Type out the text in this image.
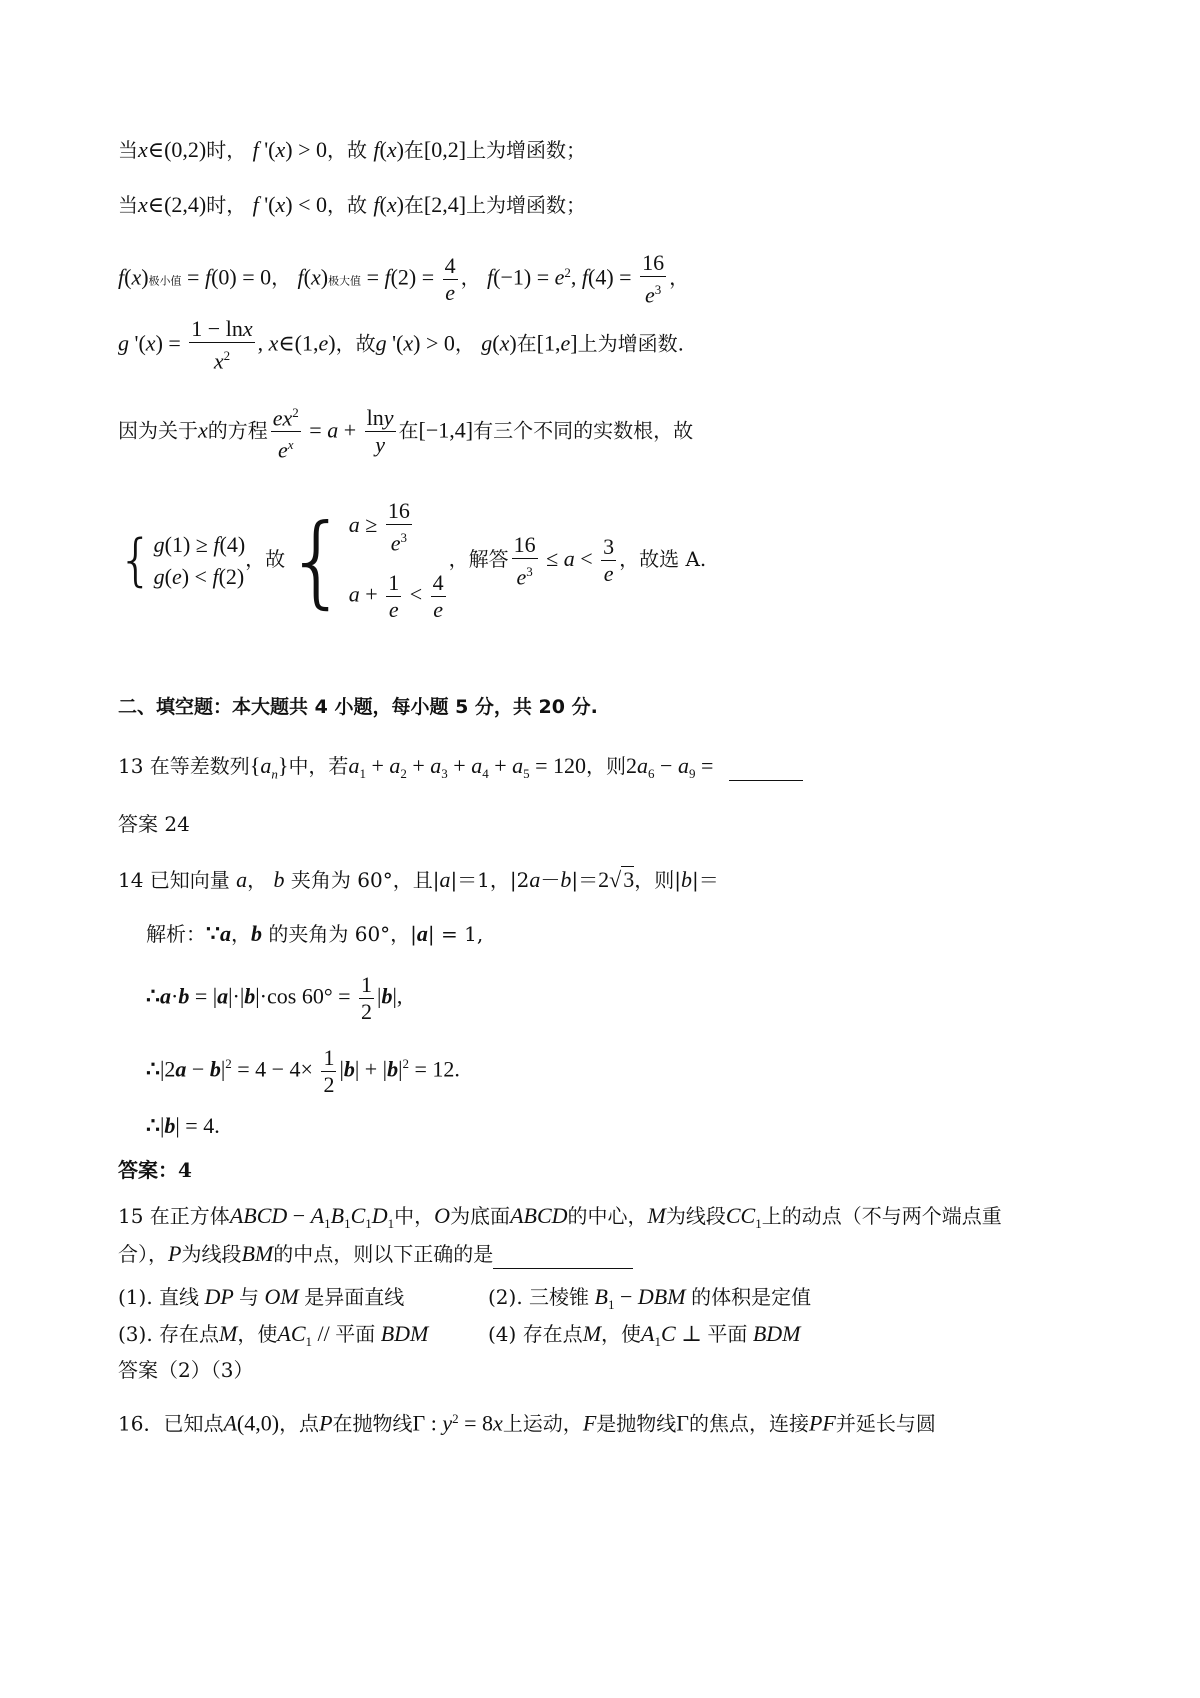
当x∈(0,2)时， f '(x) > 0，故 f(x)在[0,2]上为增函数；
当x∈(2,4)时， f '(x) < 0，故 f(x)在[2,4]上为增函数；
f(x)极小值 = f(0) = 0， f(x)极大值 = $f(2) = \frac{4}{e}$ ， $f(-1) = e^2$, $f(4) = \frac{16}{e^3}$ ，
g '$(x) = \frac{1 - \ln x}{x^2}$ , x∈(1,e)，故g '(x) > 0， g(x)在[1,e]上为增函数.
因为关于x的方程 $\frac{ex^2}{e^x} = a + \frac{\ln y}{y}$ 在[−1,4]有三个不同的实数根，故
{ g(1) ≥ f(4)
g(e) < f(2)
，故{ $a \ge \frac{16}{e^3}$
$a + \frac{1}{e} < \frac{4}{e}$
，解答 $\frac{16}{e^3} \le a < \frac{3}{e}$ ，故选 A.
二、填空题：本大题共 4 小题，每小题 5 分，共 20 分.
13 在等差数列$\{a_n\}$中，若$a_1 + a_2 + a_3 + a_4 + a_5 = 120$，则$2a_6 - a_9$ =
答案 24
14 已知向量 a， b 夹角为 60°，且|a|＝1，|2a－b|＝2√3，则|b|＝
解析：∵a，b 的夹角为 60°，|a| = 1,
∴a·b = |a|·|b|·cos $60^\circ = \frac{1}{2} |b|$,
∴|2a − $b|^2 = 4 - 4\times \frac{1}{2} |b| + |b|^2 = 12$.
∴|b| = 4.
答案：4
15 在正方体ABCD − $A_1B_1C_1D_1$中，O为底面ABCD的中心，M为线段$CC_1$上的动点（不与两个端点重
合），P为线段BM的中点，则以下正确的是
(1). 直线 DP 与 OM 是异面直线	(2). 三棱锥 $B_1$ − DBM 的体积是定值
(3). 存在点M，使$AC_1$ // 平面 BDM	(4) 存在点M，使$A_1C$ ⊥ 平面 BDM
答案（2）（3）
16．已知点A(4,0)，点P在抛物线Γ : $y^2 = 8x$上运动，F是抛物线Γ的焦点，连接PF并延长与圆
